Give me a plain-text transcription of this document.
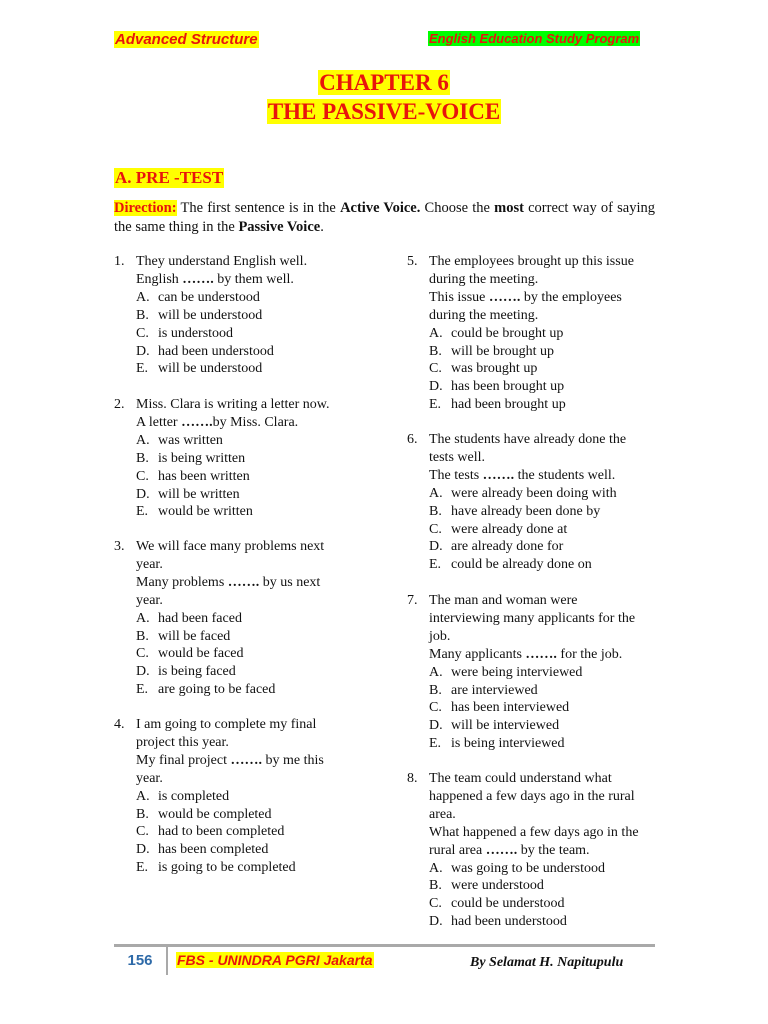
Advanced Structure	English Education Study Program
CHAPTER 6
THE PASSIVE-VOICE
A. PRE -TEST
Direction: The first sentence is in the Active Voice. Choose the most correct way of saying the same thing in the Passive Voice.
1. They understand English well.
English ……. by them well.
A. can be understood
B. will be understood
C. is understood
D. had been understood
E. will be understood
2. Miss. Clara is writing a letter now.
A letter …….by Miss. Clara.
A. was written
B. is being written
C. has been written
D. will be written
E. would be written
3. We will face many problems next
year.
Many problems ……. by us next
year.
A. had been faced
B. will be faced
C. would be faced
D. is being faced
E. are going to be faced
4. I am going to complete my final
project this year.
My final project ……. by me this
year.
A. is completed
B. would be completed
C. had to been completed
D. has been completed
E. is going to be completed
5. The employees brought up this issue
during the meeting.
This issue ……. by the employees
during the meeting.
A. could be brought up
B. will be brought up
C. was brought up
D. has been brought up
E. had been brought up
6. The students have already done the
tests well.
The tests ……. the students well.
A. were already been doing with
B. have already been done by
C. were already done at
D. are already done for
E. could be already done on
7. The man and woman were
interviewing many applicants for the
job.
Many applicants ……. for the job.
A. were being interviewed
B. are interviewed
C. has been interviewed
D. will be interviewed
E. is being interviewed
8. The team could understand what
happened a few days ago in the rural
area.
What happened a few days ago in the
rural area ……. by the team.
A. was going to be understood
B. were understood
C. could be understood
D. had been understood
156	FBS - UNINDRA PGRI Jakarta	By Selamat H. Napitupulu
